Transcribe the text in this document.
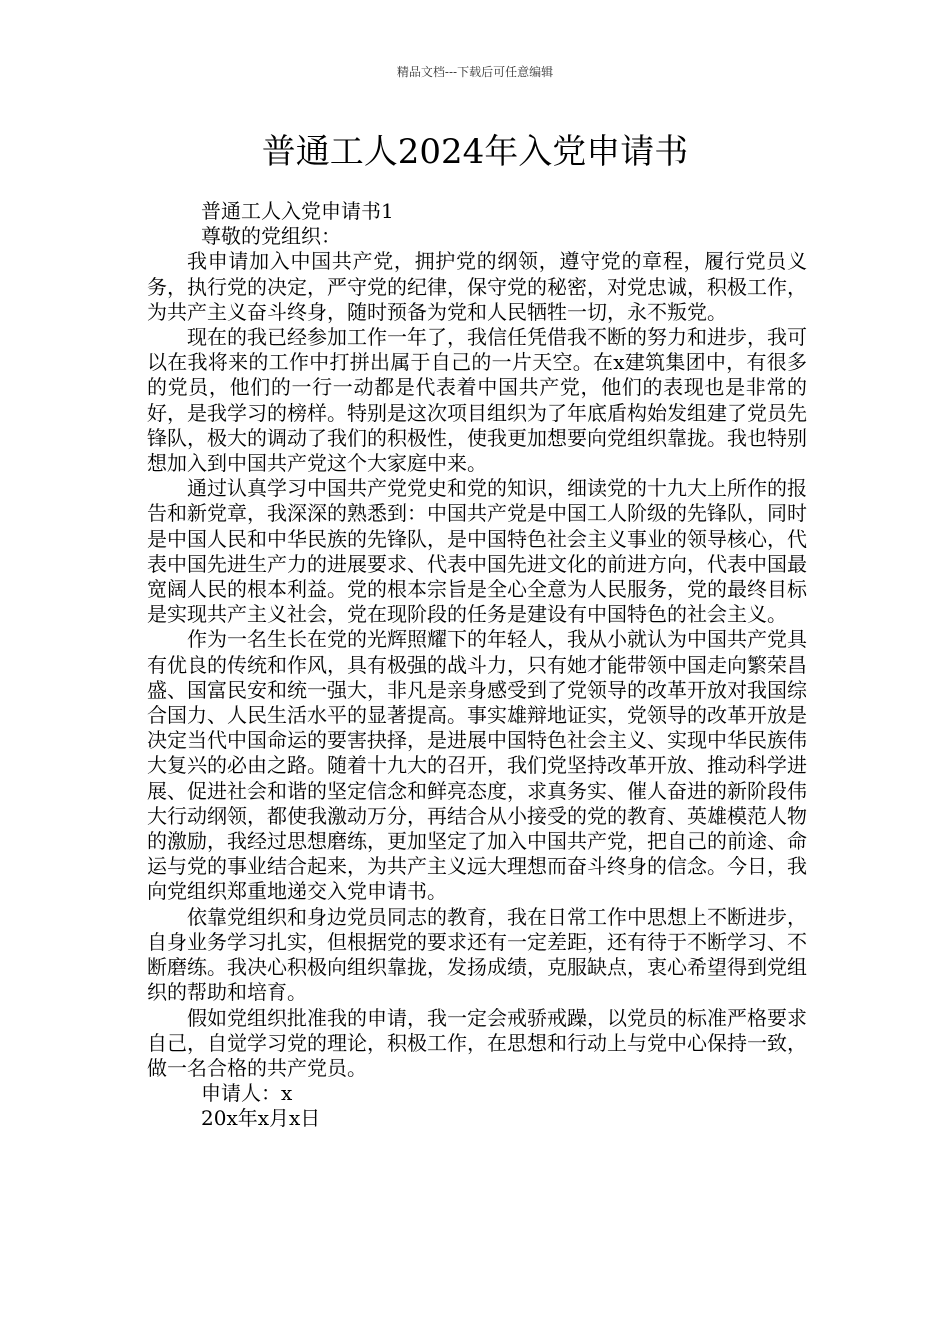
精品文档---下载后可任意编辑
普通工人2024年入党申请书

普通工人入党申请书1

尊敬的党组织：

我申请加入中国共产党，拥护党的纲领，遵守党的章程，履行党员义务，执行党的决定，严守党的纪律，保守党的秘密，对党忠诚，积极工作，为共产主义奋斗终身，随时预备为党和人民牺牲一切，永不叛党。

现在的我已经参加工作一年了，我信任凭借我不断的努力和进步，我可以在我将来的工作中打拼出属于自己的一片天空。在x建筑集团中，有很多的党员，他们的一行一动都是代表着中国共产党，他们的表现也是非常的好，是我学习的榜样。特别是这次项目组织为了年底盾构始发组建了党员先锋队，极大的调动了我们的积极性，使我更加想要向党组织靠拢。我也特别想加入到中国共产党这个大家庭中来。

通过认真学习中国共产党党史和党的知识，细读党的十九大上所作的报告和新党章，我深深的熟悉到：中国共产党是中国工人阶级的先锋队，同时是中国人民和中华民族的先锋队，是中国特色社会主义事业的领导核心，代表中国先进生产力的进展要求、代表中国先进文化的前进方向，代表中国最宽阔人民的根本利益。党的根本宗旨是全心全意为人民服务，党的最终目标是实现共产主义社会，党在现阶段的任务是建设有中国特色的社会主义。

作为一名生长在党的光辉照耀下的年轻人，我从小就认为中国共产党具有优良的传统和作风，具有极强的战斗力，只有她才能带领中国走向繁荣昌盛、国富民安和统一强大，非凡是亲身感受到了党领导的改革开放对我国综合国力、人民生活水平的显著提高。事实雄辩地证实，党领导的改革开放是决定当代中国命运的要害抉择，是进展中国特色社会主义、实现中华民族伟大复兴的必由之路。随着十九大的召开，我们党坚持改革开放、推动科学进展、促进社会和谐的坚定信念和鲜亮态度，求真务实、催人奋进的新阶段伟大行动纲领，都使我激动万分，再结合从小接受的党的教育、英雄模范人物的激励，我经过思想磨练，更加坚定了加入中国共产党，把自己的前途、命运与党的事业结合起来，为共产主义远大理想而奋斗终身的信念。今日，我向党组织郑重地递交入党申请书。

依靠党组织和身边党员同志的教育，我在日常工作中思想上不断进步，自身业务学习扎实，但根据党的要求还有一定差距，还有待于不断学习、不断磨练。我决心积极向组织靠拢，发扬成绩，克服缺点，衷心希望得到党组织的帮助和培育。

假如党组织批准我的申请，我一定会戒骄戒躁，以党员的标准严格要求自己，自觉学习党的理论，积极工作，在思想和行动上与党中心保持一致，做一名合格的共产党员。

申请人：x

20x年x月x日
